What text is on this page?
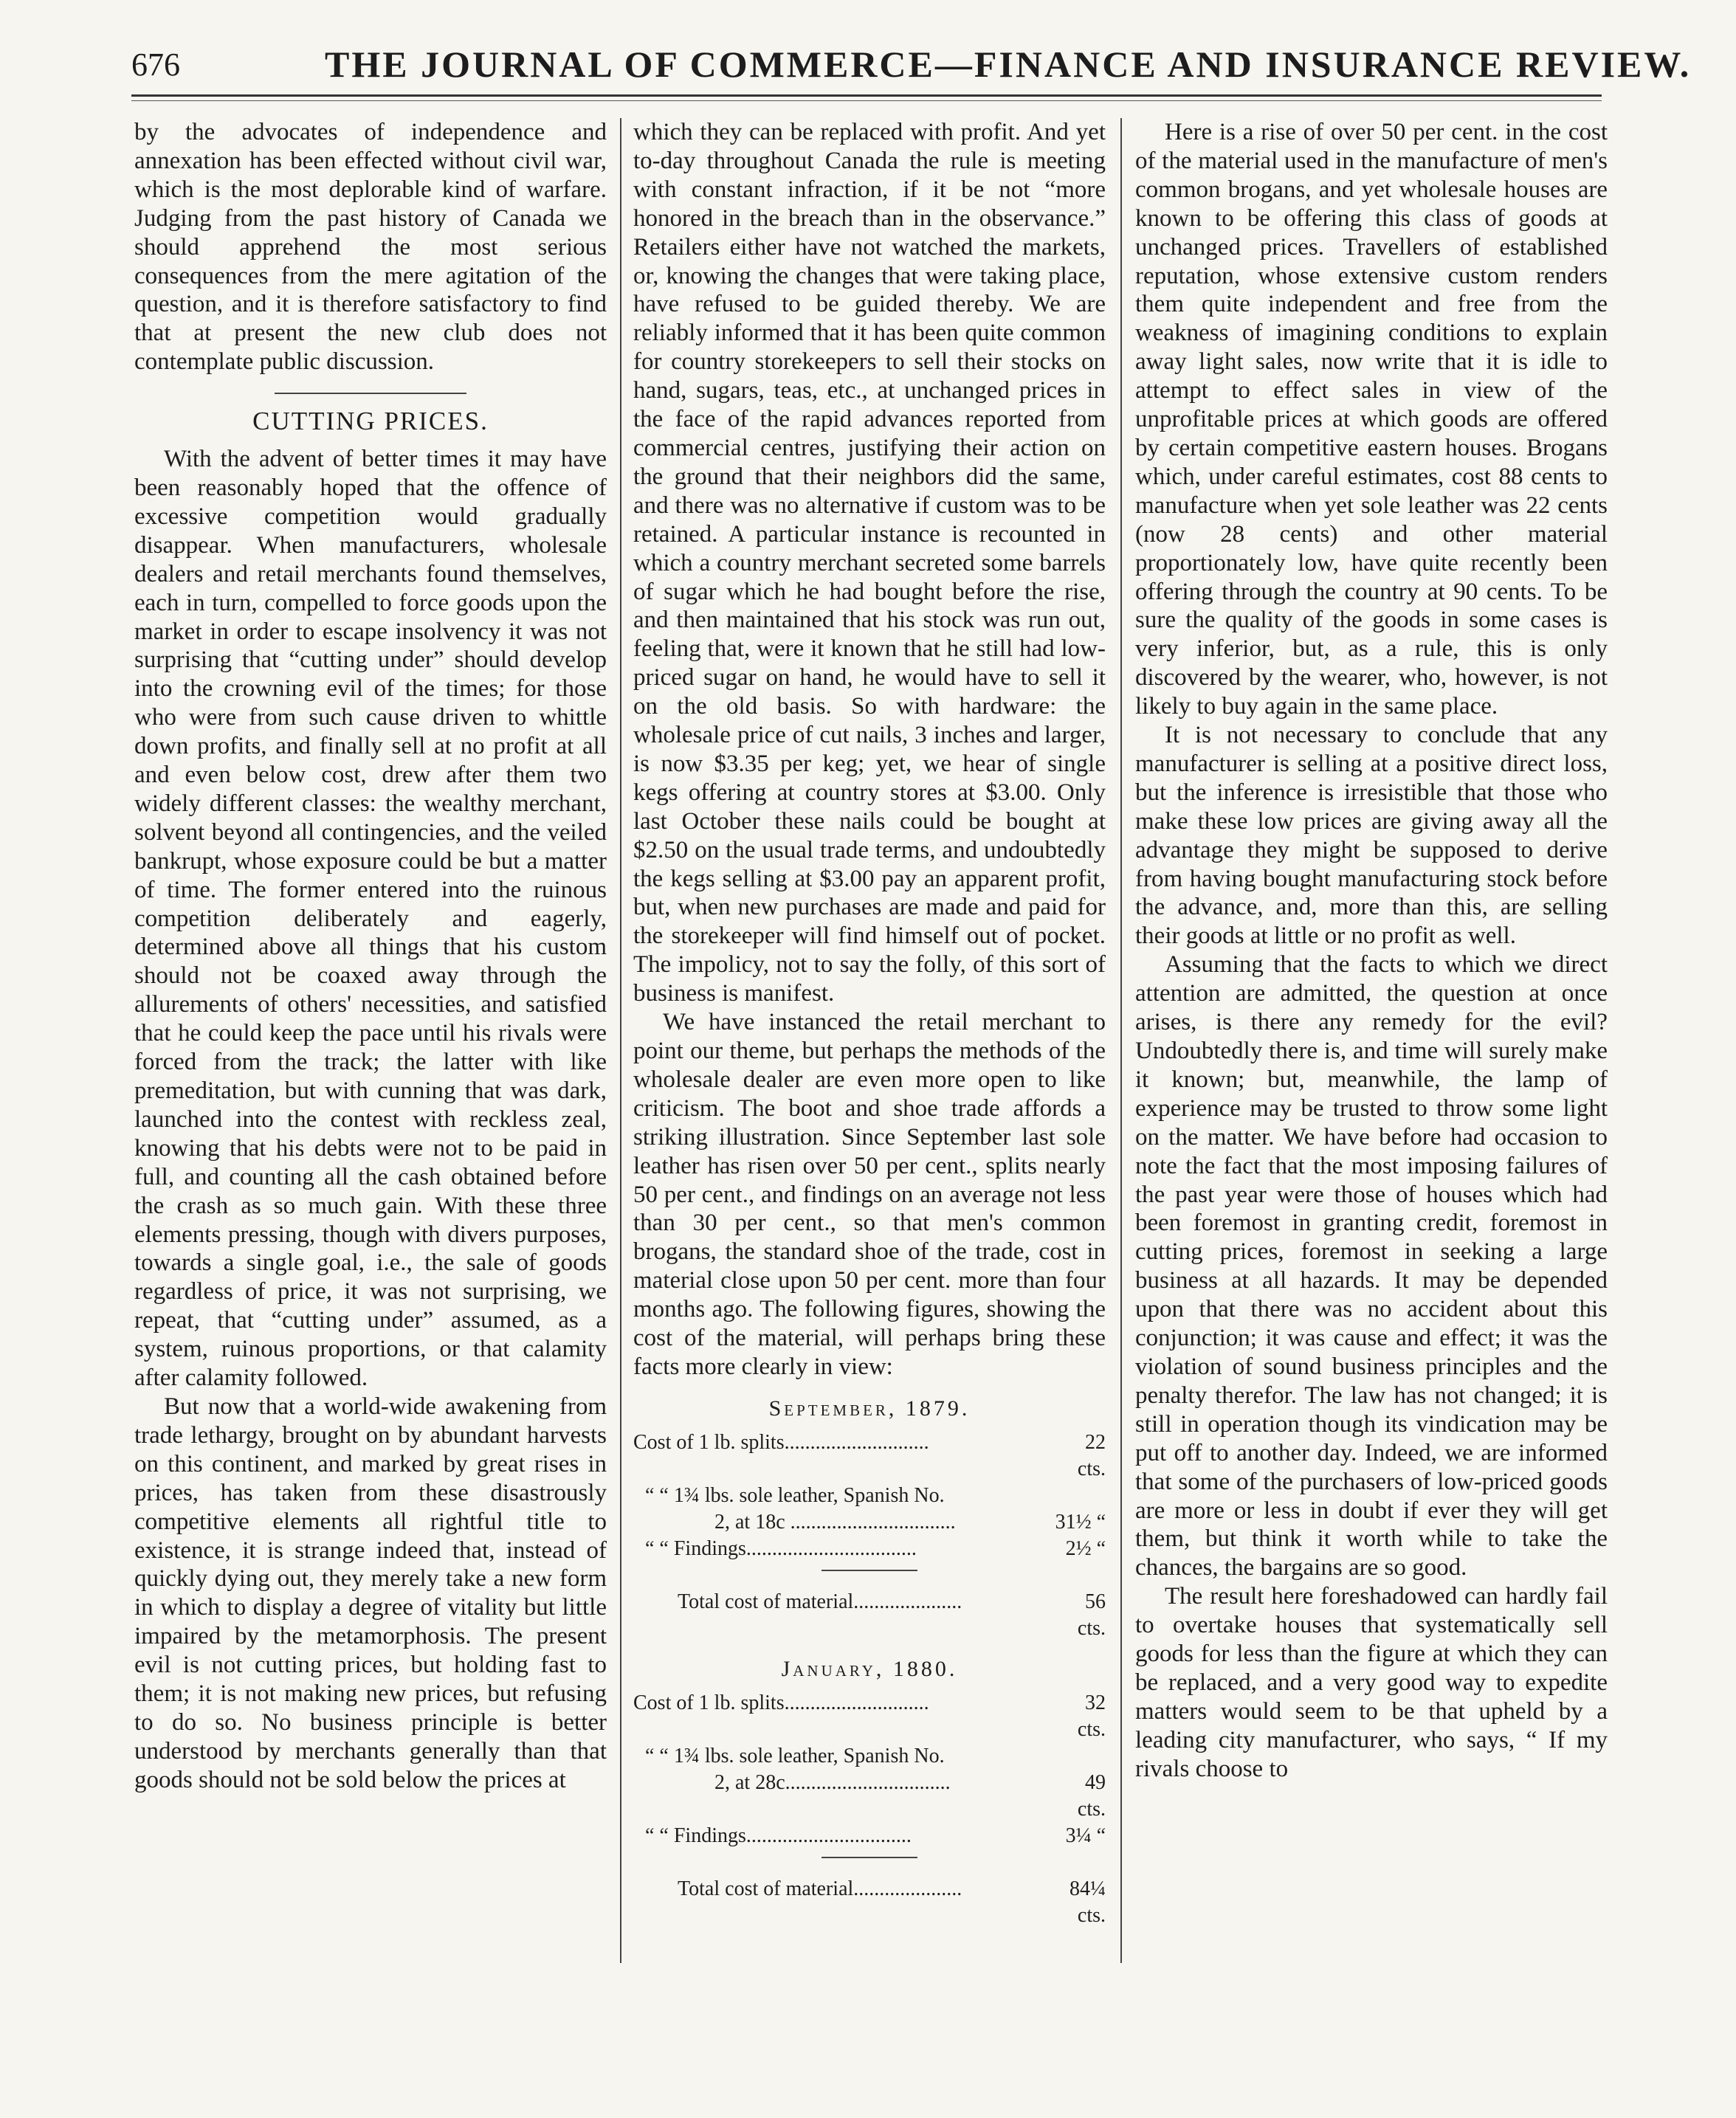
676	THE JOURNAL OF COMMERCE—FINANCE AND INSURANCE REVIEW.

by the advocates of independence and annexation has been effected without civil war, which is the most deplorable kind of warfare. Judging from the past history of Canada we should apprehend the most serious consequences from the mere agitation of the question, and it is therefore satisfactory to find that at present the new club does not contemplate public discussion.

CUTTING PRICES.

With the advent of better times it may have been reasonably hoped that the offence of excessive competition would gradually disappear. When manufacturers, wholesale dealers and retail merchants found themselves, each in turn, compelled to force goods upon the market in order to escape insolvency it was not surprising that “cutting under” should develop into the crowning evil of the times; for those who were from such cause driven to whittle down profits, and finally sell at no profit at all and even below cost, drew after them two widely different classes: the wealthy merchant, solvent beyond all contingencies, and the veiled bankrupt, whose exposure could be but a matter of time. The former entered into the ruinous competition deliberately and eagerly, determined above all things that his custom should not be coaxed away through the allurements of others' necessities, and satisfied that he could keep the pace until his rivals were forced from the track; the latter with like premeditation, but with cunning that was dark, launched into the contest with reckless zeal, knowing that his debts were not to be paid in full, and counting all the cash obtained before the crash as so much gain. With these three elements pressing, though with divers purposes, towards a single goal, i.e., the sale of goods regardless of price, it was not surprising, we repeat, that “cutting under” assumed, as a system, ruinous proportions, or that calamity after calamity followed.

But now that a world-wide awakening from trade lethargy, brought on by abundant harvests on this continent, and marked by great rises in prices, has taken from these disastrously competitive elements all rightful title to existence, it is strange indeed that, instead of quickly dying out, they merely take a new form in which to display a degree of vitality but little impaired by the metamorphosis. The present evil is not cutting prices, but holding fast to them; it is not making new prices, but refusing to do so. No business principle is better understood by merchants generally than that goods should not be sold below the prices at

which they can be replaced with profit. And yet to-day throughout Canada the rule is meeting with constant infraction, if it be not “more honored in the breach than in the observance.” Retailers either have not watched the markets, or, knowing the changes that were taking place, have refused to be guided thereby. We are reliably informed that it has been quite common for country storekeepers to sell their stocks on hand, sugars, teas, etc., at unchanged prices in the face of the rapid advances reported from commercial centres, justifying their action on the ground that their neighbors did the same, and there was no alternative if custom was to be retained. A particular instance is recounted in which a country merchant secreted some barrels of sugar which he had bought before the rise, and then maintained that his stock was run out, feeling that, were it known that he still had low-priced sugar on hand, he would have to sell it on the old basis. So with hardware: the wholesale price of cut nails, 3 inches and larger, is now $3.35 per keg; yet, we hear of single kegs offering at country stores at $3.00. Only last October these nails could be bought at $2.50 on the usual trade terms, and undoubtedly the kegs selling at $3.00 pay an apparent profit, but, when new purchases are made and paid for the storekeeper will find himself out of pocket. The impolicy, not to say the folly, of this sort of business is manifest.

We have instanced the retail merchant to point our theme, but perhaps the methods of the wholesale dealer are even more open to like criticism. The boot and shoe trade affords a striking illustration. Since September last sole leather has risen over 50 per cent., splits nearly 50 per cent., and findings on an average not less than 30 per cent., so that men's common brogans, the standard shoe of the trade, cost in material close upon 50 per cent. more than four months ago. The following figures, showing the cost of the material, will perhaps bring these facts more clearly in view:

September, 1879.
Cost of 1 lb. splits............................	22 cts.
“ “ 1¾ lbs. sole leather, Spanish No.
2, at 18c ................................	31½ “
“ “ Findings.................................	2½ “
Total cost of material.....................	56 cts.
January, 1880.
Cost of 1 lb. splits............................	32 cts.
“ “ 1¾ lbs. sole leather, Spanish No.
2, at 28c................................	49 cts.
“ “ Findings................................	3¼ “
Total cost of material.....................	84¼ cts.

Here is a rise of over 50 per cent. in the cost of the material used in the manufacture of men's common brogans, and yet wholesale houses are known to be offering this class of goods at unchanged prices. Travellers of established reputation, whose extensive custom renders them quite independent and free from the weakness of imagining conditions to explain away light sales, now write that it is idle to attempt to effect sales in view of the unprofitable prices at which goods are offered by certain competitive eastern houses. Brogans which, under careful estimates, cost 88 cents to manufacture when yet sole leather was 22 cents (now 28 cents) and other material proportionately low, have quite recently been offering through the country at 90 cents. To be sure the quality of the goods in some cases is very inferior, but, as a rule, this is only discovered by the wearer, who, however, is not likely to buy again in the same place.

It is not necessary to conclude that any manufacturer is selling at a positive direct loss, but the inference is irresistible that those who make these low prices are giving away all the advantage they might be supposed to derive from having bought manufacturing stock before the advance, and, more than this, are selling their goods at little or no profit as well.

Assuming that the facts to which we direct attention are admitted, the question at once arises, is there any remedy for the evil? Undoubtedly there is, and time will surely make it known; but, meanwhile, the lamp of experience may be trusted to throw some light on the matter. We have before had occasion to note the fact that the most imposing failures of the past year were those of houses which had been foremost in granting credit, foremost in cutting prices, foremost in seeking a large business at all hazards. It may be depended upon that there was no accident about this conjunction; it was cause and effect; it was the violation of sound business principles and the penalty therefor. The law has not changed; it is still in operation though its vindication may be put off to another day. Indeed, we are informed that some of the purchasers of low-priced goods are more or less in doubt if ever they will get them, but think it worth while to take the chances, the bargains are so good.

The result here foreshadowed can hardly fail to overtake houses that systematically sell goods for less than the figure at which they can be replaced, and a very good way to expedite matters would seem to be that upheld by a leading city manufacturer, who says, “ If my rivals choose to
